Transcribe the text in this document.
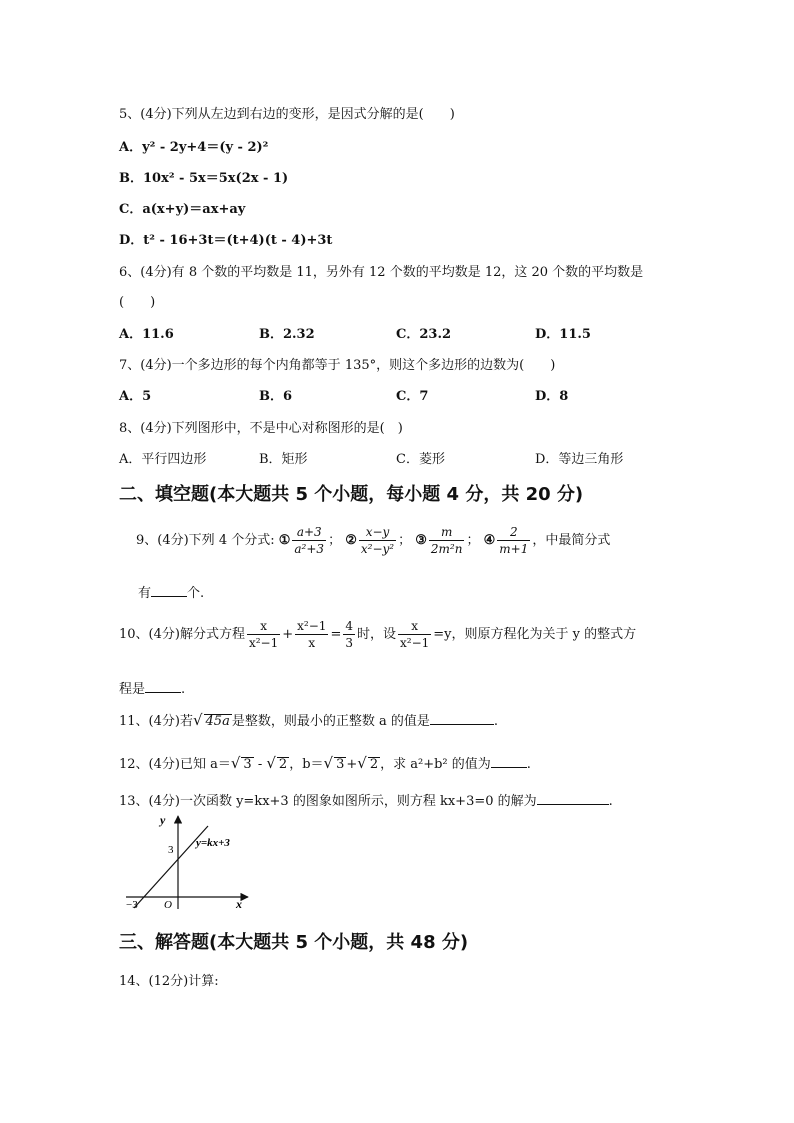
5、(4分)下列从左边到右边的变形，是因式分解的是(　　)
A．y² - 2y+4＝(y - 2)²
B．10x² - 5x＝5x(2x - 1)
C．a(x+y)＝ax+ay
D．t² - 16+3t＝(t+4)(t - 4)+3t
6、(4分)有 8 个数的平均数是 11，另外有 12 个数的平均数是 12，这 20 个数的平均数是
(　　)
A．11.6	B．2.32	C．23.2	D．11.5
7、(4分)一个多边形的每个内角都等于 135°，则这个多边形的边数为(　　)
A．5	B．6	C．7	D．8
8、(4分)下列图形中，不是中心对称图形的是(　)
A．平行四边形	B．矩形	C．菱形	D．等边三角形
二、填空题(本大题共 5 个小题，每小题 4 分，共 20 分)
9、(4分)下列 4 个分式: ① $\frac{a+3}{\text{a²+3}}$ ； ② $\frac{x-y}{\text{x²−y²}}$ ； ③ $\frac{m}{\text{2m²n}}$ ； ④ $\frac{2}{m+1}$ ，中最简分式
有	个.
10、(4分)解分式方程 $\frac{x}{\text{x²−1}} + \frac{\text{x²−1}}{x} = \frac{4}{3}$ 时，设 $\frac{x}{\text{x²−1}} =y$，则原方程化为关于 y 的整式方
程是	.
11、(4分)若√ 45a 是整数，则最小的正整数 a 的值是	.
12、(4分)已知 a＝√ 3 - √ 2 ，b＝√ 3 +√ 2 ，求 a²+b² 的值为	.
13、(4分)一次函数 y=kx+3 的图象如图所示，则方程 kx+3=0 的解为	.
y
x
O
3
−3
y=kx+3
三、解答题(本大题共 5 个小题，共 48 分)
14、(12分)计算:
